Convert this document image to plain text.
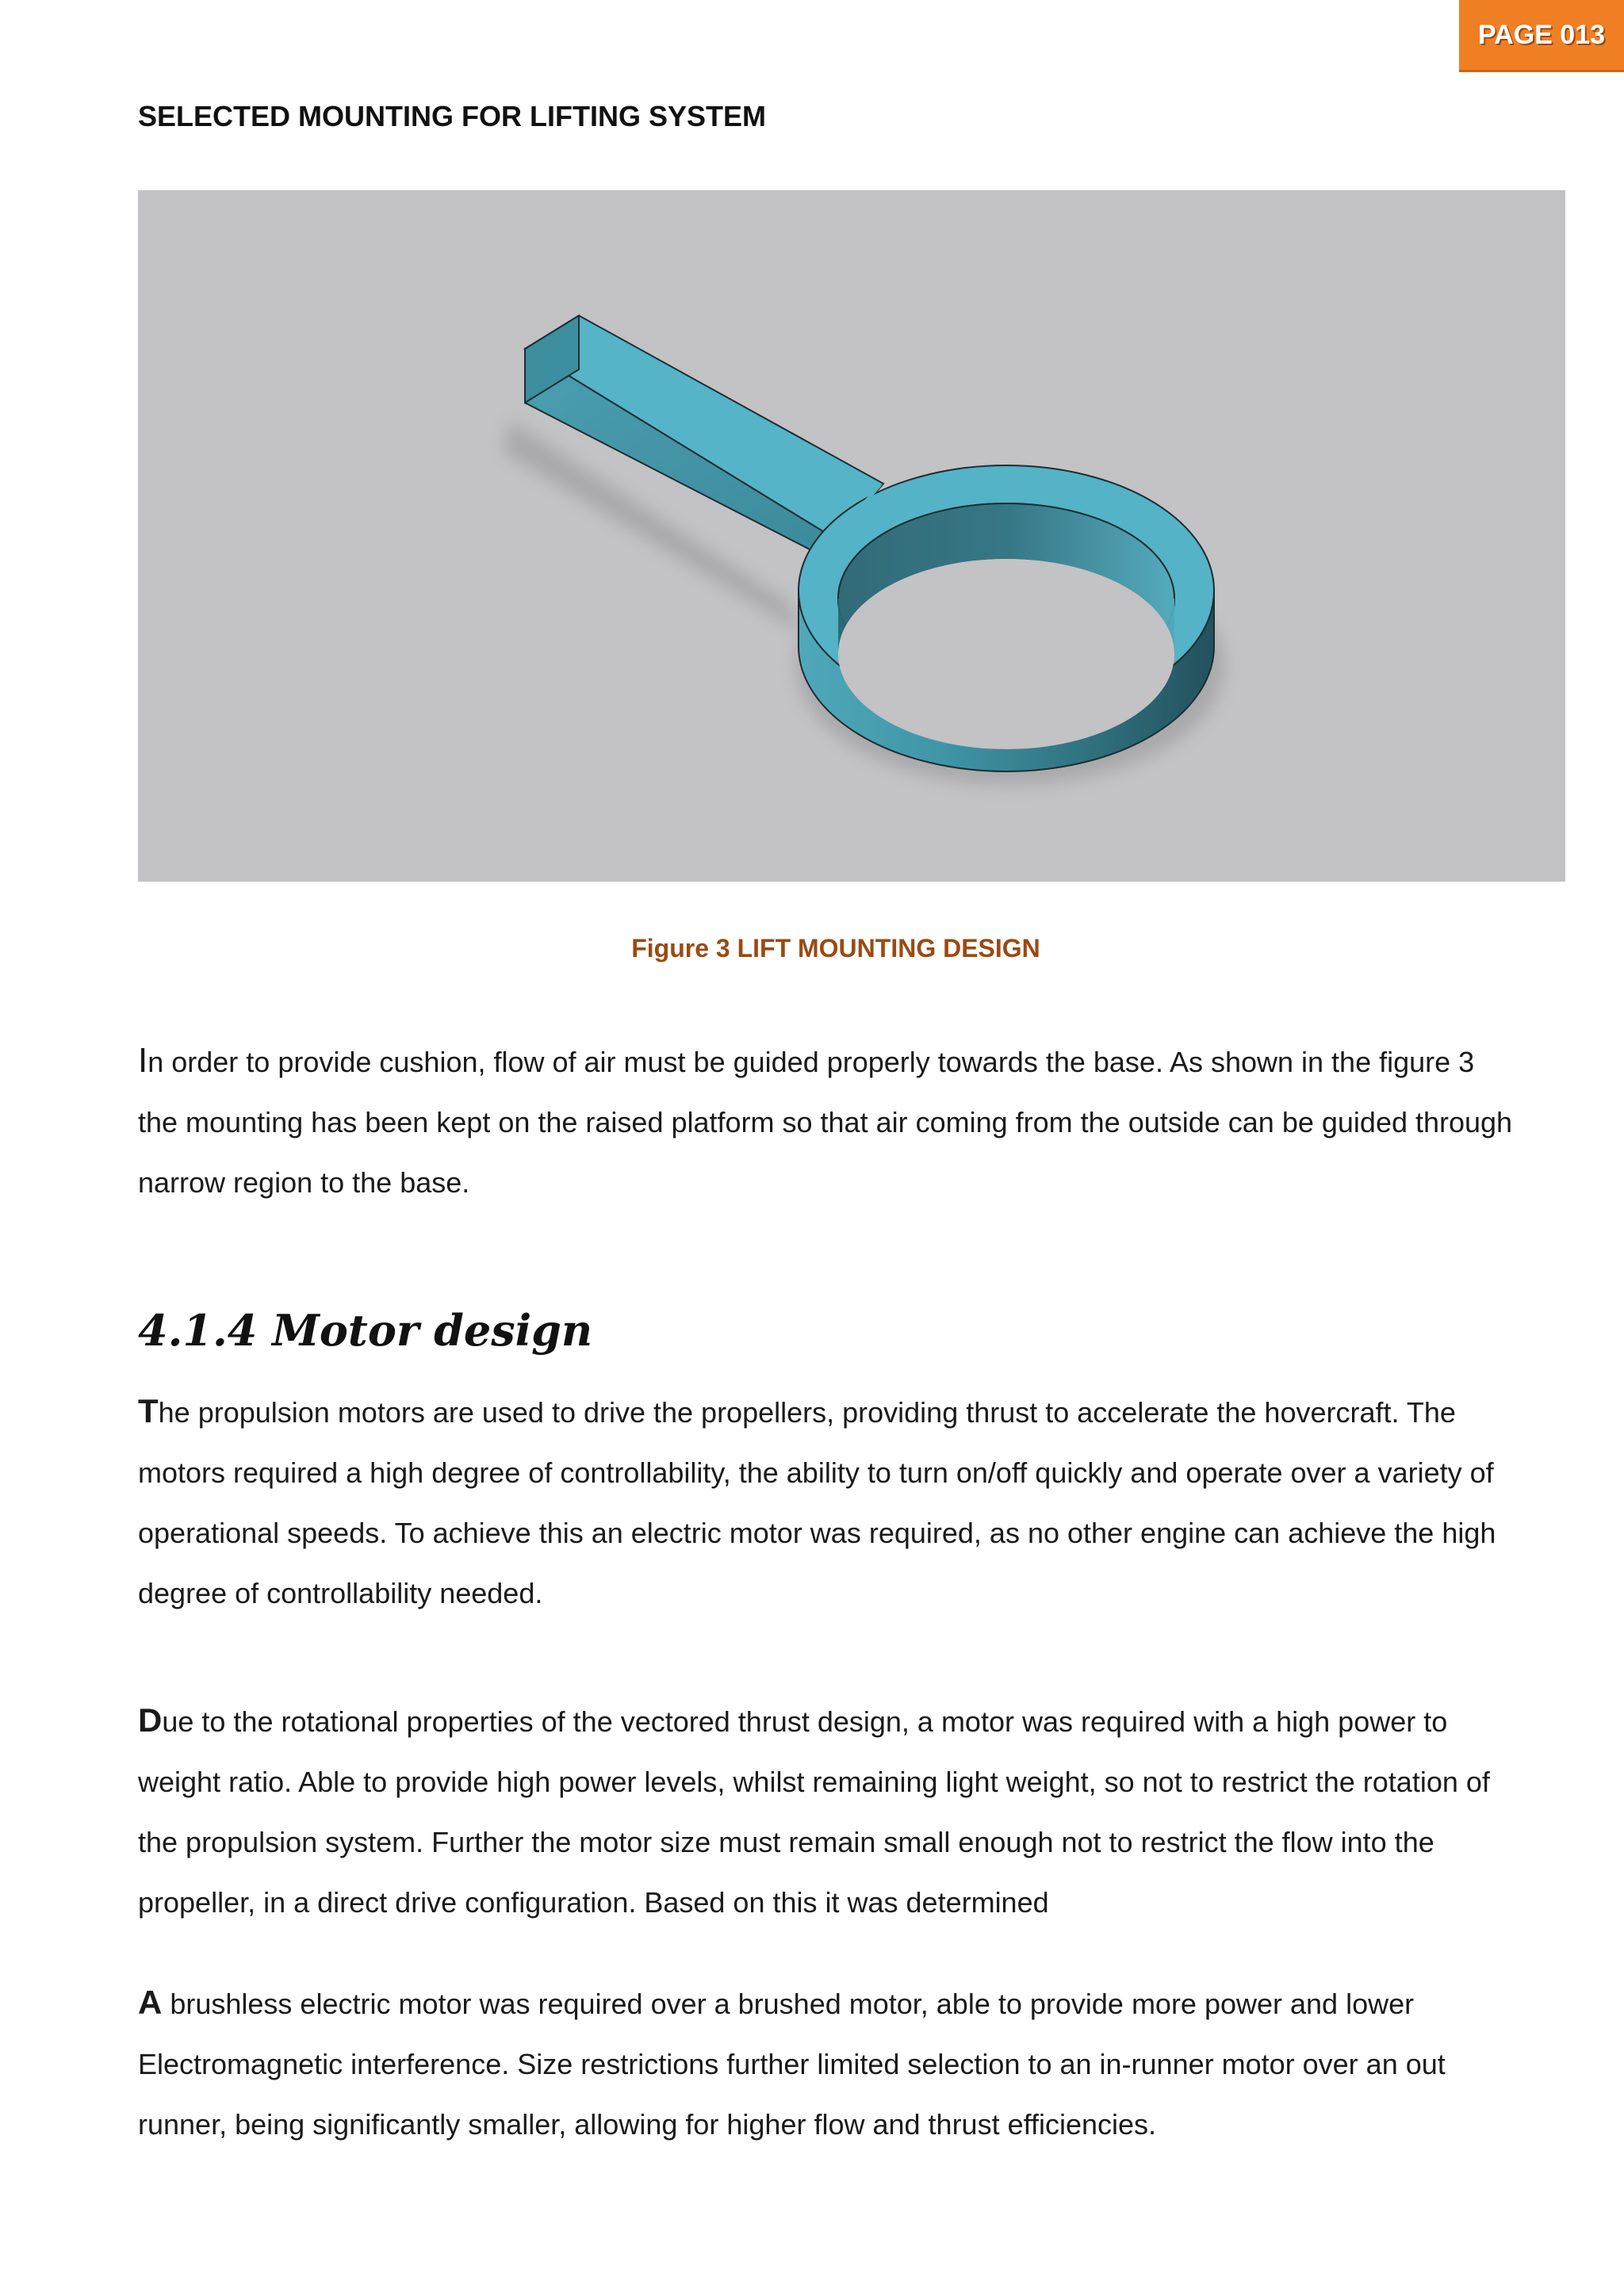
PAGE 013
SELECTED MOUNTING FOR LIFTING SYSTEM
Figure 3 LIFT MOUNTING DESIGN

In order to provide cushion, flow of air must be guided properly towards the base. As shown in the figure 3 the mounting has been kept on the raised platform so that air coming from the outside can be guided through narrow region to the base.

4.1.4 Motor design

The propulsion motors are used to drive the propellers, providing thrust to accelerate the hovercraft. The motors required a high degree of controllability, the ability to turn on/off quickly and operate over a variety of operational speeds. To achieve this an electric motor was required, as no other engine can achieve the high degree of controllability needed.

Due to the rotational properties of the vectored thrust design, a motor was required with a high power to weight ratio. Able to provide high power levels, whilst remaining light weight, so not to restrict the rotation of the propulsion system. Further the motor size must remain small enough not to restrict the flow into the propeller, in a direct drive configuration. Based on this it was determined

A brushless electric motor was required over a brushed motor, able to provide more power and lower Electromagnetic interference. Size restrictions further limited selection to an in-runner motor over an out runner, being significantly smaller, allowing for higher flow and thrust efficiencies.
